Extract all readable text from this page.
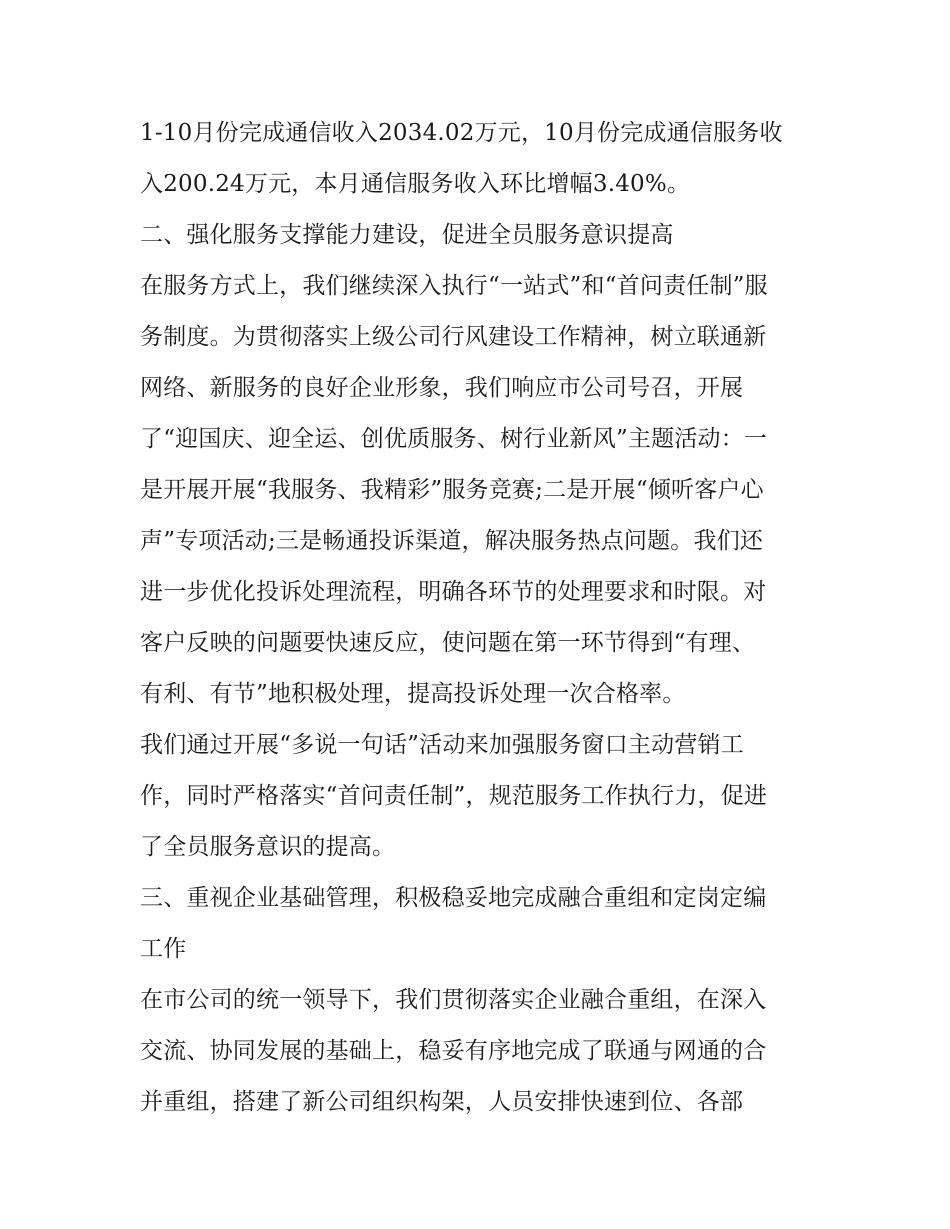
1-10月份完成通信收入2034.02万元，10月份完成通信服务收
入200.24万元，本月通信服务收入环比增幅3.40%。
二、强化服务支撑能力建设，促进全员服务意识提高
在服务方式上，我们继续深入执行“一站式”和“首问责任制”服
务制度。为贯彻落实上级公司行风建设工作精神，树立联通新
网络、新服务的良好企业形象，我们响应市公司号召，开展
了“迎国庆、迎全运、创优质服务、树行业新风”主题活动：一
是开展开展“我服务、我精彩”服务竞赛;二是开展“倾听客户心
声”专项活动;三是畅通投诉渠道，解决服务热点问题。我们还
进一步优化投诉处理流程，明确各环节的处理要求和时限。对
客户反映的问题要快速反应，使问题在第一环节得到“有理、
有利、有节”地积极处理，提高投诉处理一次合格率。
我们通过开展“多说一句话”活动来加强服务窗口主动营销工
作，同时严格落实“首问责任制”，规范服务工作执行力，促进
了全员服务意识的提高。
三、重视企业基础管理，积极稳妥地完成融合重组和定岗定编
工作
在市公司的统一领导下，我们贯彻落实企业融合重组，在深入
交流、协同发展的基础上，稳妥有序地完成了联通与网通的合
并重组，搭建了新公司组织构架，人员安排快速到位、各部
